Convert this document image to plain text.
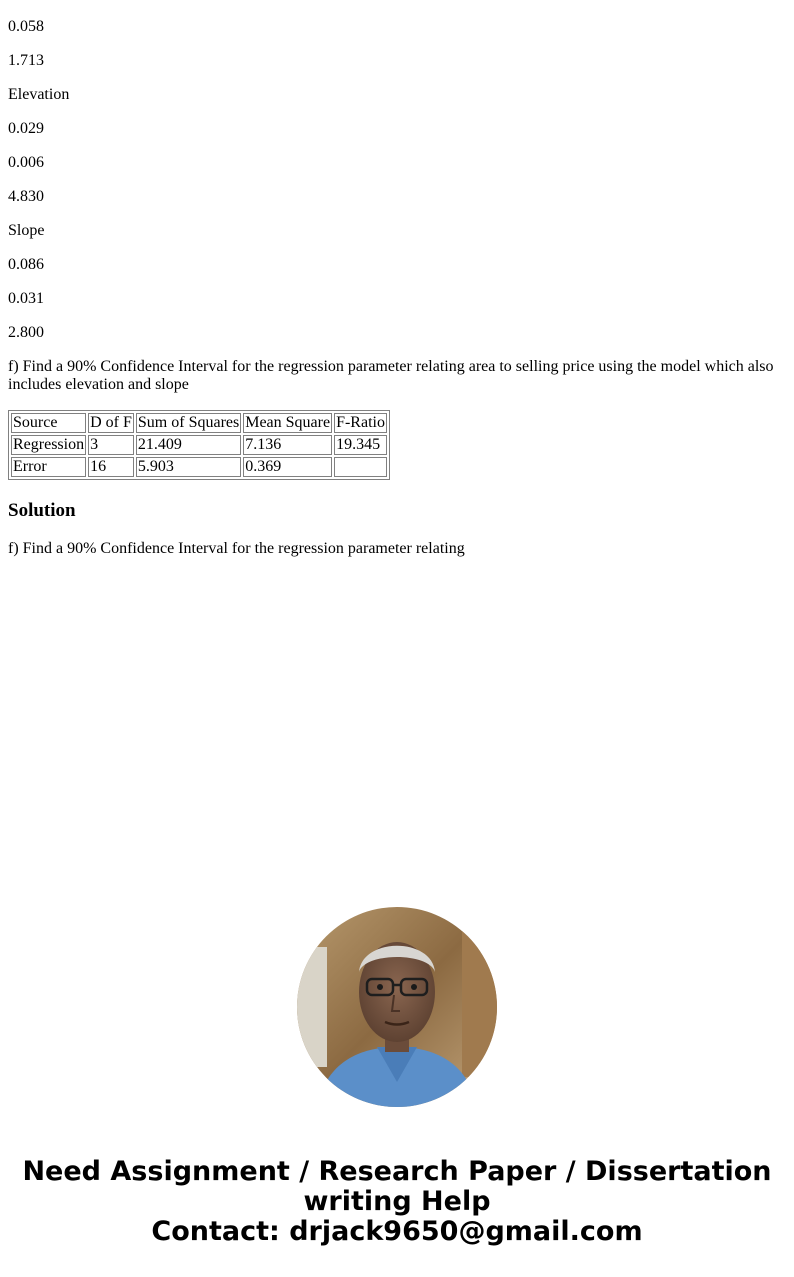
0.058

1.713

Elevation

0.029

0.006

4.830

Slope

0.086

0.031

2.800

f) Find a 90% Confidence Interval for the regression parameter relating area to selling price using the model which also includes elevation and slope

Source	D of F	Sum of Squares	Mean Square	F-Ratio
Regression	3	21.409	7.136	19.345
Error	16	5.903	0.369	
Solution

f) Find a 90% Confidence Interval for the regression parameter relating

Need Assignment / Research Paper / Dissertation
writing Help
Contact: drjack9650@gmail.com
